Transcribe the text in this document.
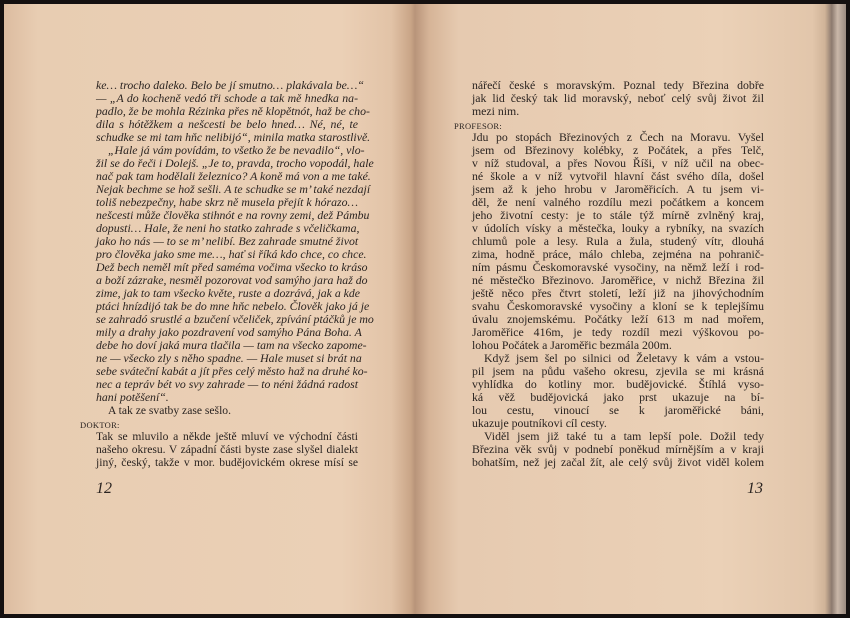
ke… trocho daleko. Belo be jí smutno… plakávala be…“
— „A do kocheně vedó tři schode a tak mě hnedka na-
padlo, že be mohla Rézinka přes ně klopětnót, haž be cho-
dila s hótěžkem a nešcesti be belo hned… Né, né, te
schudke se mi tam hňc nelibijó“, minila matka starostlivě.
„Hale já vám povídám, to všetko že be nevadilo“, vlo-
žil se do řeči i Dolejš. „Je to, pravda, trocho vopodál, hale
nač pak tam hodělali železnico? A koně má von a me také.
Nejak bechme se hož sešli. A te schudke se m’ také nezdají
toliš nebezpečny, habe skrz ně musela přejít k hórazo…
nešcesti může člověka stihnót e na rovny zemi, dež Pámbu
dopusti… Hale, že neni ho statko zahrade s včeličkama,
jako ho nás — to se m’ nelibí. Bez zahrade smutné život
pro člověka jako sme me…, hať si říká kdo chce, co chce.
Dež bech neměl mít před saméma vočima všecko to kráso
a boží zázrake, nesměl pozorovat vod samýho jara haž do
zime, jak to tam všecko květe, ruste a dozrává, jak a kde
ptáci hnízdijó tak be do mne hňc nebelo. Člověk jako já je
se zahradó srustlé a bzučení včeliček, zpívání ptáčků je mo
mily a drahy jako pozdravení vod samýho Pána Boha. A
debe ho doví jaká mura tlačila — tam na všecko zapome-
ne — všecko zly s něho spadne. — Hale muset si brát na
sebe sváteční kabát a jít přes celý město haž na druhé ko-
nec a tepráv bét vo svy zahrade — to néni žádná radost
hani potěšení“.
A tak ze svatby zase sešlo.
DOKTOR:
Tak se mluvilo a někde ještě mluví ve východní části
našeho okresu. V západní části byste zase slyšel dialekt
jiný, český, takže v mor. budějovickém okrese mísí se
12
nářečí české s moravským. Poznal tedy Březina dobře
jak lid český tak lid moravský, neboť celý svůj život žil
mezi nim.
PROFESOR:
Jdu po stopách Březinových z Čech na Moravu. Vyšel
jsem od Březinovy kolébky, z Počátek, a přes Telč,
v níž studoval, a přes Novou Říši, v níž učil na obec-
né škole a v níž vytvořil hlavní část svého díla, došel
jsem až k jeho hrobu v Jaroměřicích. A tu jsem vi-
děl, že není valného rozdílu mezi počátkem a koncem
jeho životní cesty: je to stále týž mírně zvlněný kraj,
v údolích vísky a městečka, louky a rybníky, na svazích
chlumů pole a lesy. Rula a žula, studený vítr, dlouhá
zima, hodně práce, málo chleba, zejména na pohranič-
ním pásmu Českomoravské vysočiny, na němž leží i rod-
né městečko Březinovo. Jaroměřice, v nichž Březina žil
ještě něco přes čtvrt století, leží již na jihovýchodním
svahu Českomoravské vysočiny a kloní se k teplejšímu
úvalu znojemskému. Počátky leží 613 m nad mořem,
Jaroměřice 416m, je tedy rozdíl mezi výškovou po-
lohou Počátek a Jaroměřic bezmála 200m.
Když jsem šel po silnici od Želetavy k vám a vstou-
pil jsem na půdu vašeho okresu, zjevila se mi krásná
vyhlídka do kotliny mor. budějovické. Štíhlá vyso-
ká věž budějovická jako prst ukazuje na bí-
lou cestu, vinoucí se k jaroměřické báni,
ukazuje poutníkovi cíl cesty.
Viděl jsem již také tu a tam lepší pole. Dožil tedy
Březina věk svůj v podnebí poněkud mírnějším a v kraji
bohatším, než jej začal žít, ale celý svůj život viděl kolem
13
